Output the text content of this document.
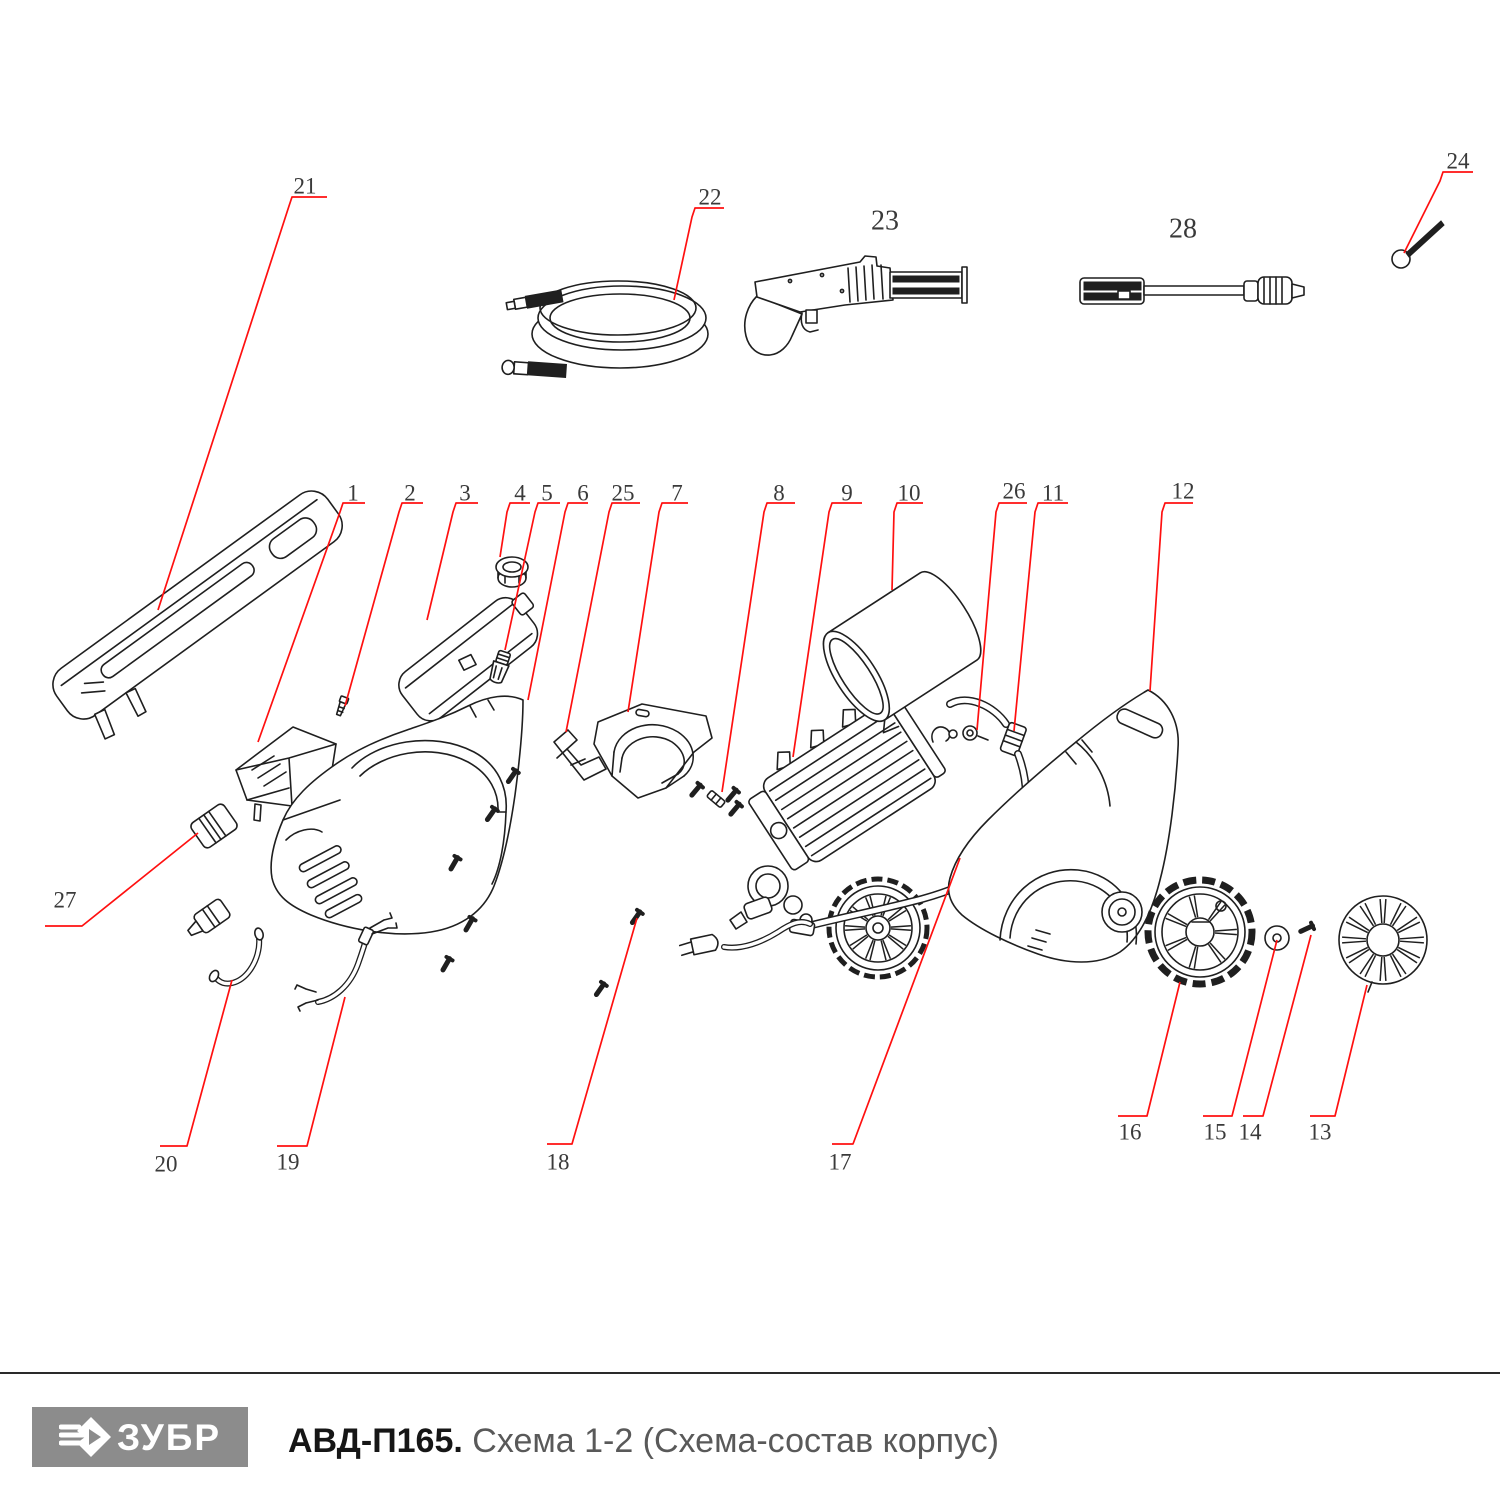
21	22
23	28
24
1 2 3 4 5 6 25 7	8 9 10	26 11	12
27
20	19	18	17
16	15 14 13
ЗУБР АВД-П165. Схема 1-2 (Схема-состав корпус)
